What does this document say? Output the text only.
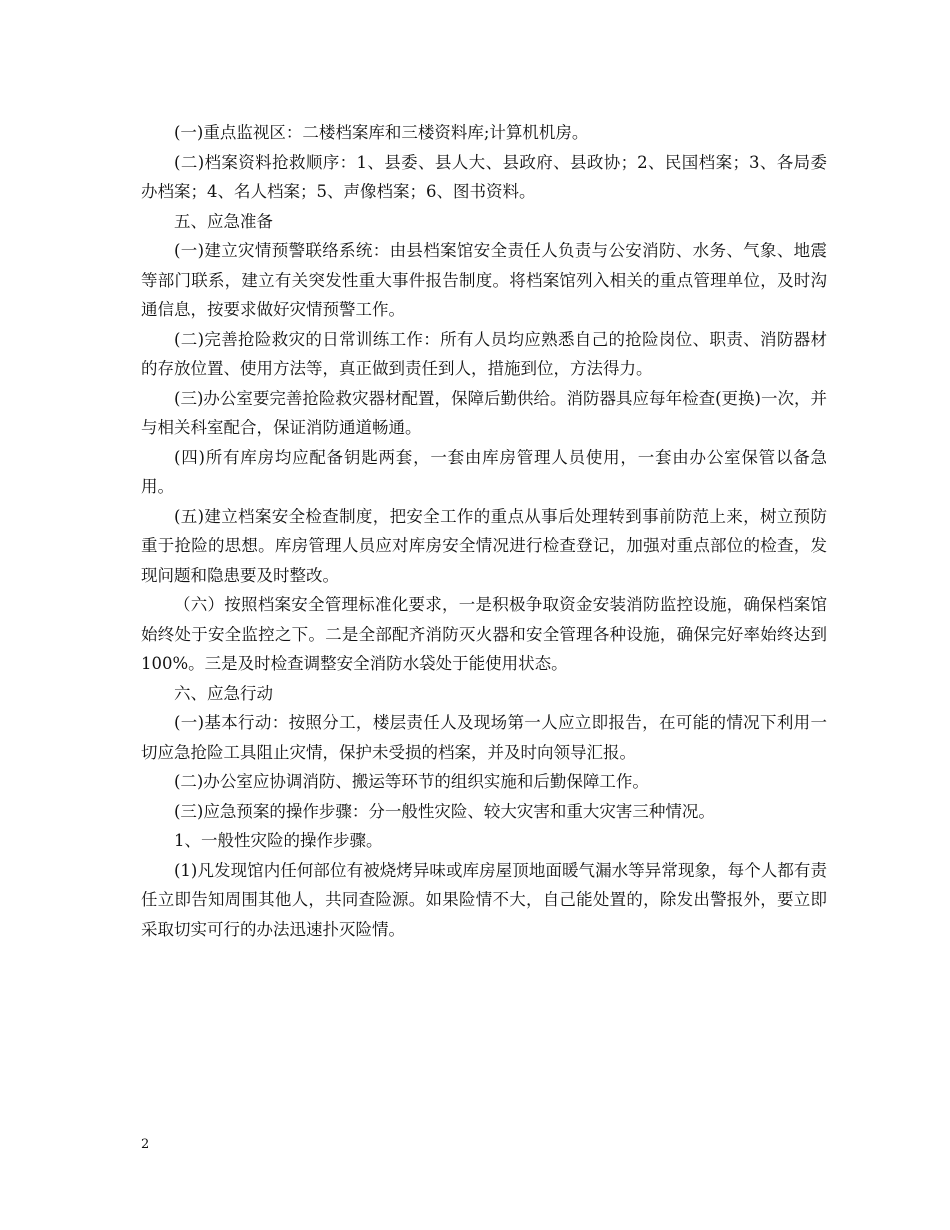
(一)重点监视区：二楼档案库和三楼资料库;计算机机房。

(二)档案资料抢救顺序：1、县委、县人大、县政府、县政协；2、民国档案；3、各局委办档案；4、名人档案；5、声像档案；6、图书资料。

五、应急准备

(一)建立灾情预警联络系统：由县档案馆安全责任人负责与公安消防、水务、气象、地震等部门联系，建立有关突发性重大事件报告制度。将档案馆列入相关的重点管理单位，及时沟通信息，按要求做好灾情预警工作。

(二)完善抢险救灾的日常训练工作：所有人员均应熟悉自己的抢险岗位、职责、消防器材的存放位置、使用方法等，真正做到责任到人，措施到位，方法得力。

(三)办公室要完善抢险救灾器材配置，保障后勤供给。消防器具应每年检查(更换)一次，并与相关科室配合，保证消防通道畅通。

(四)所有库房均应配备钥匙两套，一套由库房管理人员使用，一套由办公室保管以备急用。

(五)建立档案安全检查制度，把安全工作的重点从事后处理转到事前防范上来，树立预防重于抢险的思想。库房管理人员应对库房安全情况进行检查登记，加强对重点部位的检查，发现问题和隐患要及时整改。

（六）按照档案安全管理标准化要求，一是积极争取资金安装消防监控设施，确保档案馆始终处于安全监控之下。二是全部配齐消防灭火器和安全管理各种设施，确保完好率始终达到100%。三是及时检查调整安全消防水袋处于能使用状态。

六、应急行动

(一)基本行动：按照分工，楼层责任人及现场第一人应立即报告，在可能的情况下利用一切应急抢险工具阻止灾情，保护未受损的档案，并及时向领导汇报。

(二)办公室应协调消防、搬运等环节的组织实施和后勤保障工作。

(三)应急预案的操作步骤：分一般性灾险、较大灾害和重大灾害三种情况。

1、一般性灾险的操作步骤。

(1)凡发现馆内任何部位有被烧烤异味或库房屋顶地面暖气漏水等异常现象，每个人都有责任立即告知周围其他人，共同查险源。如果险情不大，自己能处置的，除发出警报外，要立即采取切实可行的办法迅速扑灭险情。

2
